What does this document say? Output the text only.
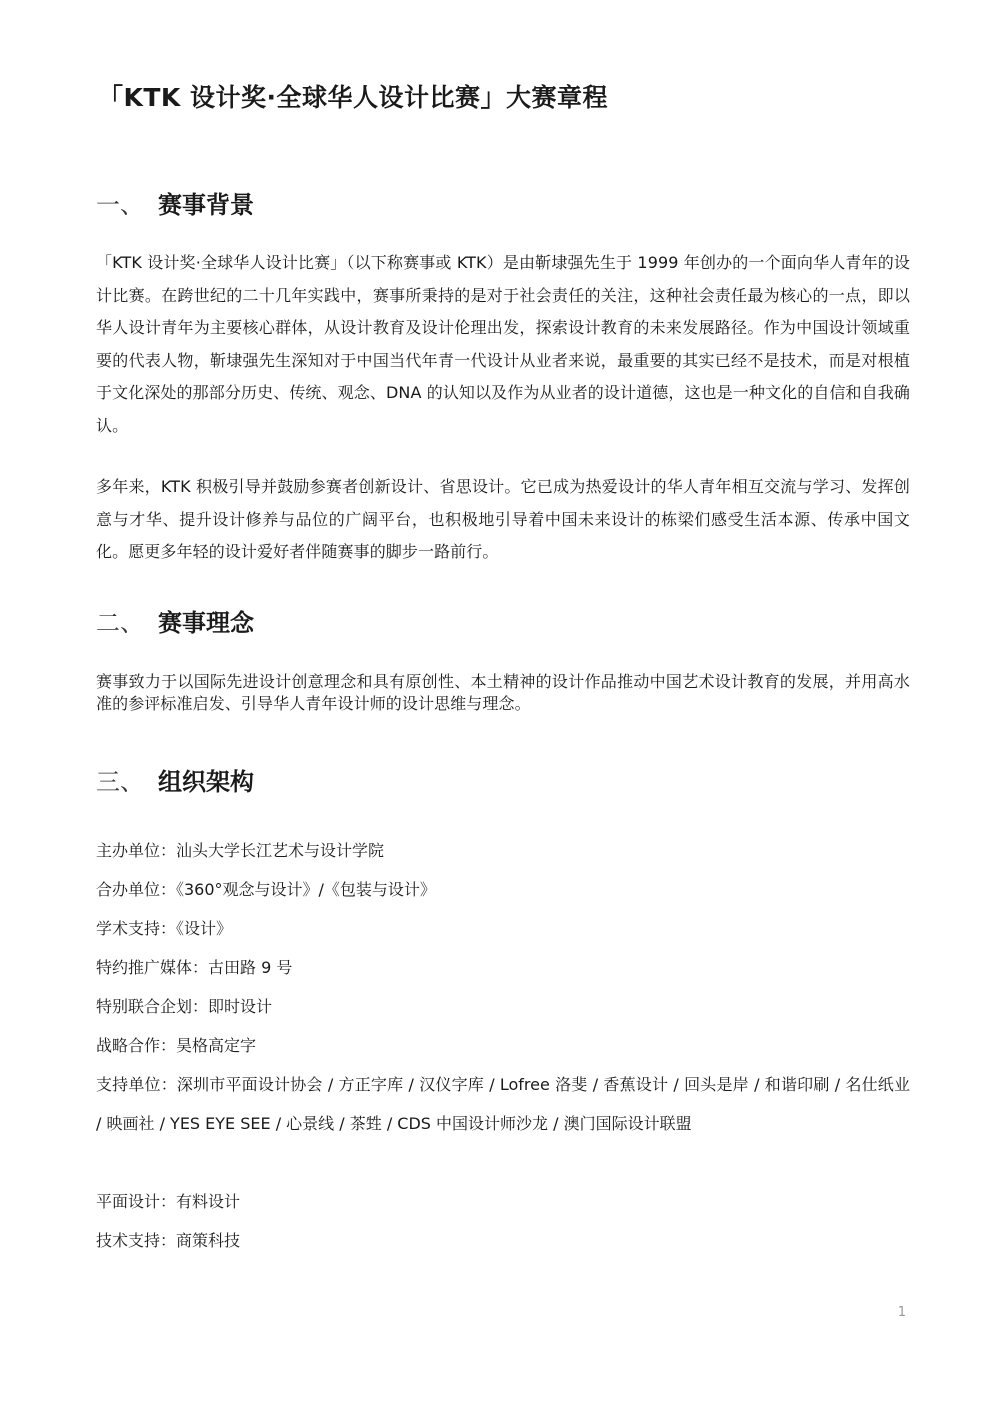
「KTK 设计奖·全球华人设计比赛」大赛章程
一、 赛事背景
「KTK 设计奖·全球华人设计比赛」（以下称赛事或 KTK）是由靳埭强先生于 1999 年创办的一个面向华人青年的设计比赛。在跨世纪的二十几年实践中，赛事所秉持的是对于社会责任的关注，这种社会责任最为核心的一点，即以华人设计青年为主要核心群体，从设计教育及设计伦理出发，探索设计教育的未来发展路径。作为中国设计领域重要的代表人物，靳埭强先生深知对于中国当代年青一代设计从业者来说，最重要的其实已经不是技术，而是对根植于文化深处的那部分历史、传统、观念、DNA 的认知以及作为从业者的设计道德，这也是一种文化的自信和自我确认。
多年来，KTK 积极引导并鼓励参赛者创新设计、省思设计。它已成为热爱设计的华人青年相互交流与学习、发挥创意与才华、提升设计修养与品位的广阔平台，也积极地引导着中国未来设计的栋梁们感受生活本源、传承中国文化。愿更多年轻的设计爱好者伴随赛事的脚步一路前行。
二、 赛事理念
赛事致力于以国际先进设计创意理念和具有原创性、本土精神的设计作品推动中国艺术设计教育的发展，并用高水准的参评标准启发、引导华人青年设计师的设计思维与理念。
三、 组织架构
主办单位：汕头大学长江艺术与设计学院
合办单位：《360°观念与设计》/《包装与设计》
学术支持：《设计》
特约推广媒体：古田路 9 号
特别联合企划：即时设计
战略合作：昊格高定字
支持单位：深圳市平面设计协会 / 方正字库 / 汉仪字库 / Lofree 洛斐 / 香蕉设计 / 回头是岸 / 和谐印刷 / 名仕纸业 / 映画社 / YES EYE SEE / 心景线 / 茶甡 / CDS 中国设计师沙龙 / 澳门国际设计联盟
平面设计：有料设计
技术支持：商策科技
1
